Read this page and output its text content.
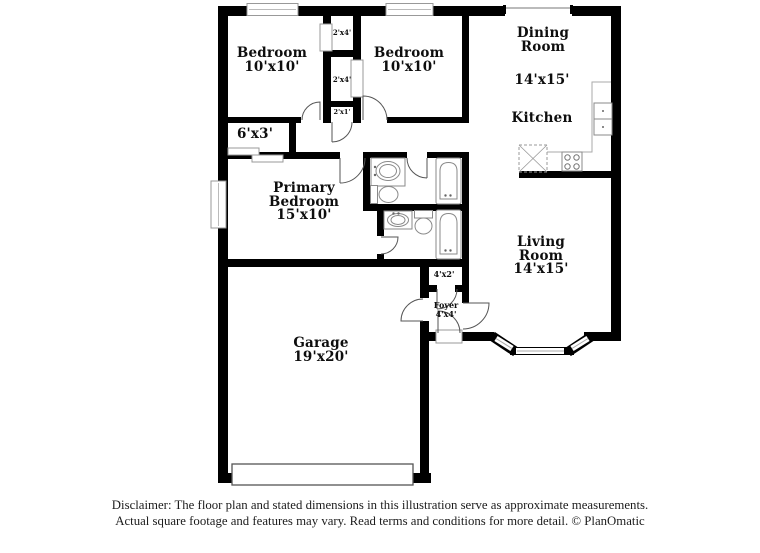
Bedroom
10'x10'
Bedroom
10'x10'
Dining
Room
14'x15'
Kitchen
Living
Room
14'x15'
Primary
Bedroom
15'x10'
Garage
19'x20'
6'x3'
2'x4'
2'x4'
2'x1'
4'x2'
Foyer
4'x4'
Disclaimer: The floor plan and stated dimensions in this illustration serve as approximate measurements.
Actual square footage and features may vary. Read terms and conditions for more detail. © PlanOmatic
